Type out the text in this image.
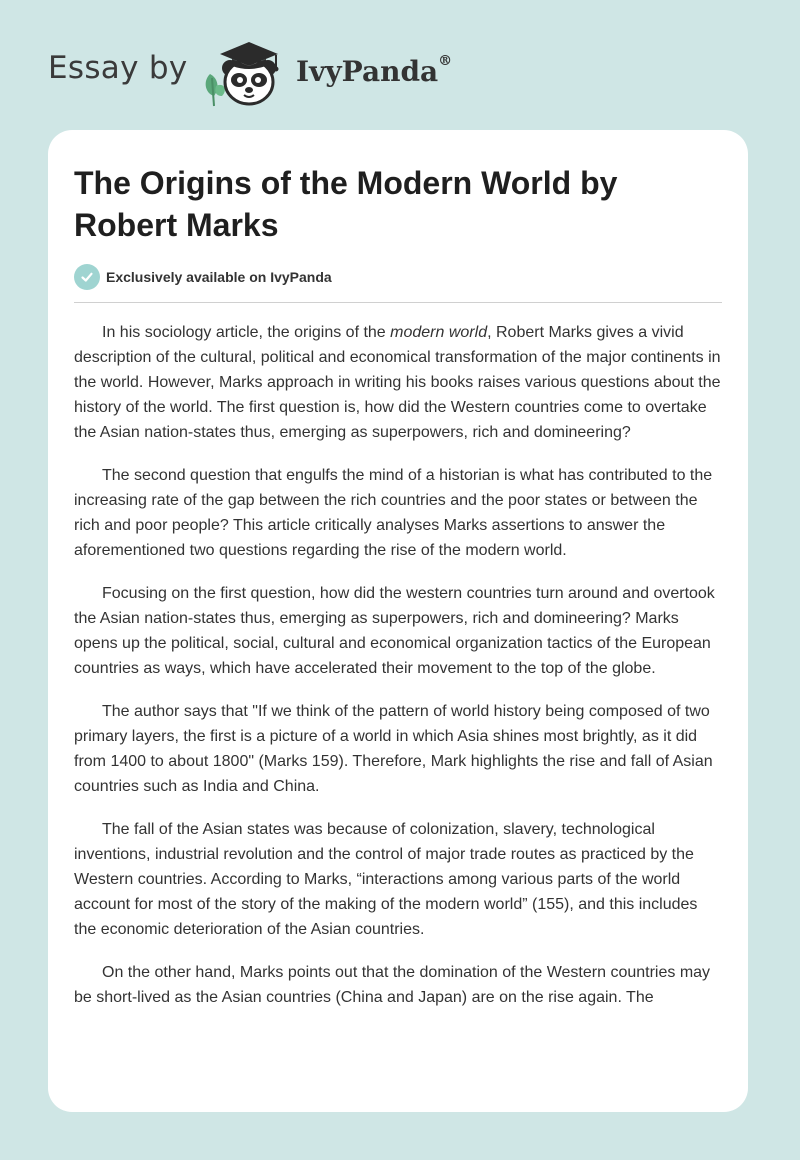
Essay by	IvyPanda®
The Origins of the Modern World by Robert Marks
Exclusively available on IvyPanda

In his sociology article, the origins of the modern world, Robert Marks gives a vivid description of the cultural, political and economical transformation of the major continents in the world. However, Marks approach in writing his books raises various questions about the history of the world. The first question is, how did the Western countries come to overtake the Asian nation-states thus, emerging as superpowers, rich and domineering?

The second question that engulfs the mind of a historian is what has contributed to the increasing rate of the gap between the rich countries and the poor states or between the rich and poor people? This article critically analyses Marks assertions to answer the aforementioned two questions regarding the rise of the modern world.

Focusing on the first question, how did the western countries turn around and overtook the Asian nation-states thus, emerging as superpowers, rich and domineering? Marks opens up the political, social, cultural and economical organization tactics of the European countries as ways, which have accelerated their movement to the top of the globe.

The author says that "If we think of the pattern of world history being composed of two primary layers, the first is a picture of a world in which Asia shines most brightly, as it did from 1400 to about 1800" (Marks 159). Therefore, Mark highlights the rise and fall of Asian countries such as India and China.

The fall of the Asian states was because of colonization, slavery, technological inventions, industrial revolution and the control of major trade routes as practiced by the Western countries. According to Marks, “interactions among various parts of the world account for most of the story of the making of the modern world” (155), and this includes the economic deterioration of the Asian countries.

On the other hand, Marks points out that the domination of the Western countries may be short-lived as the Asian countries (China and Japan) are on the rise again. The
